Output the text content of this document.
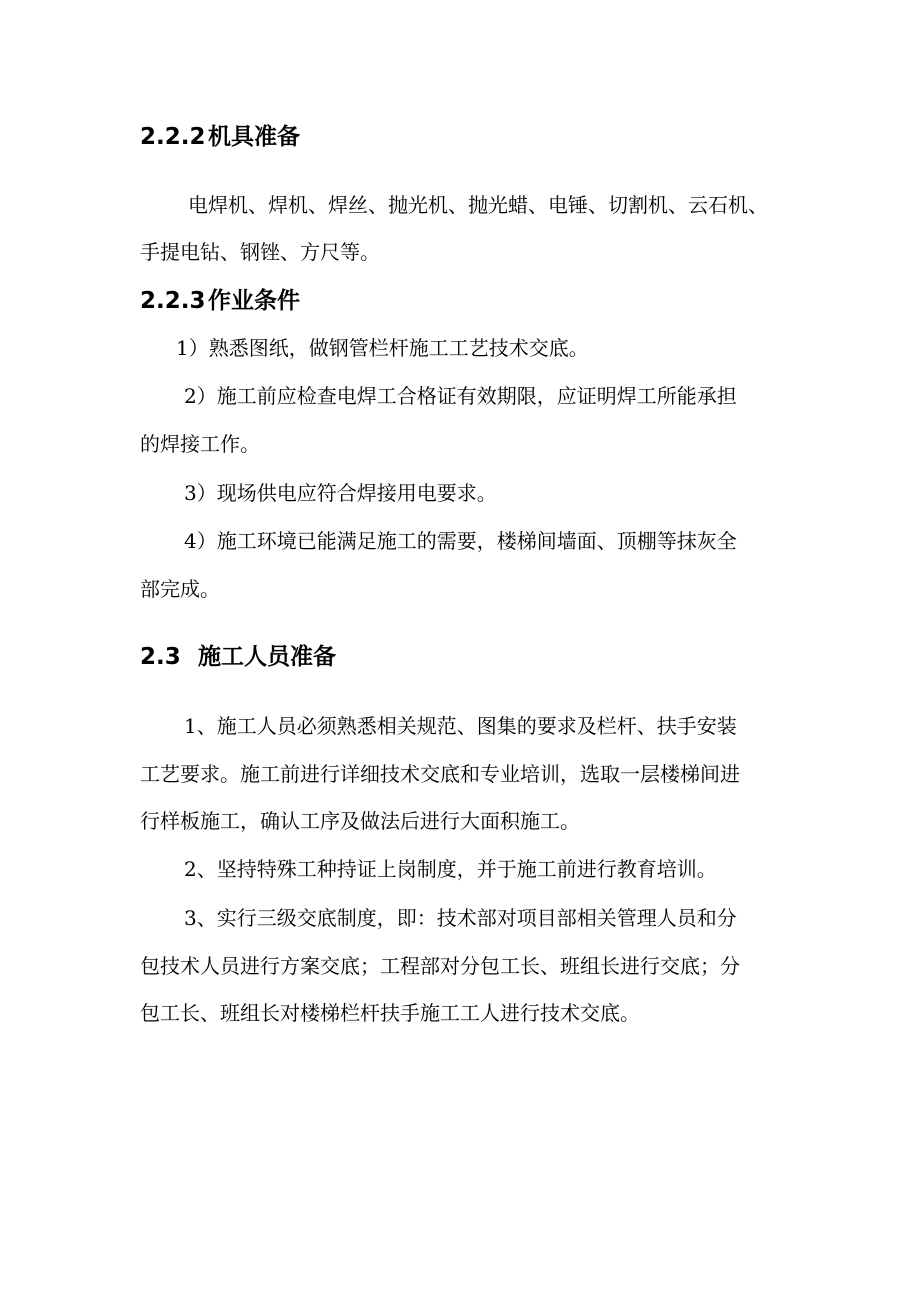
2.2.2 机具准备

电焊机、焊机、焊丝、抛光机、抛光蜡、电锤、切割机、云石机、

手提电钻、钢锉、方尺等。

2.2.3 作业条件

1）熟悉图纸，做钢管栏杆施工工艺技术交底。

2）施工前应检查电焊工合格证有效期限，应证明焊工所能承担
的焊接工作。

3）现场供电应符合焊接用电要求。

4）施工环境已能满足施工的需要，楼梯间墙面、顶棚等抹灰全
部完成。

2.3 施工人员准备

1、施工人员必须熟悉相关规范、图集的要求及栏杆、扶手安装
工艺要求。施工前进行详细技术交底和专业培训，选取一层楼梯间进
行样板施工，确认工序及做法后进行大面积施工。

2、坚持特殊工种持证上岗制度，并于施工前进行教育培训。

3、实行三级交底制度，即：技术部对项目部相关管理人员和分
包技术人员进行方案交底；工程部对分包工长、班组长进行交底；分
包工长、班组长对楼梯栏杆扶手施工工人进行技术交底。
